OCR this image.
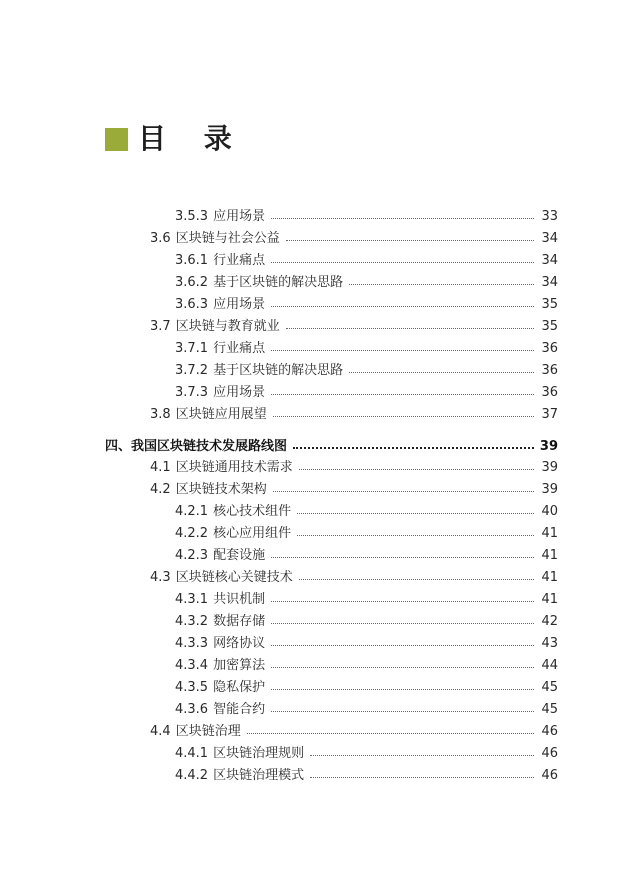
目 录
3.5.3 应用场景	33
3.6 区块链与社会公益	34
3.6.1 行业痛点	34
3.6.2 基于区块链的解决思路	34
3.6.3 应用场景	35
3.7 区块链与教育就业	35
3.7.1 行业痛点	36
3.7.2 基于区块链的解决思路	36
3.7.3 应用场景	36
3.8 区块链应用展望	37
四、 我国区块链技术发展路线图	39
4.1 区块链通用技术需求	39
4.2 区块链技术架构	39
4.2.1 核心技术组件	40
4.2.2 核心应用组件	41
4.2.3 配套设施	41
4.3 区块链核心关键技术	41
4.3.1 共识机制	41
4.3.2 数据存储	42
4.3.3 网络协议	43
4.3.4 加密算法	44
4.3.5 隐私保护	45
4.3.6 智能合约	45
4.4 区块链治理	46
4.4.1 区块链治理规则	46
4.4.2 区块链治理模式	46
